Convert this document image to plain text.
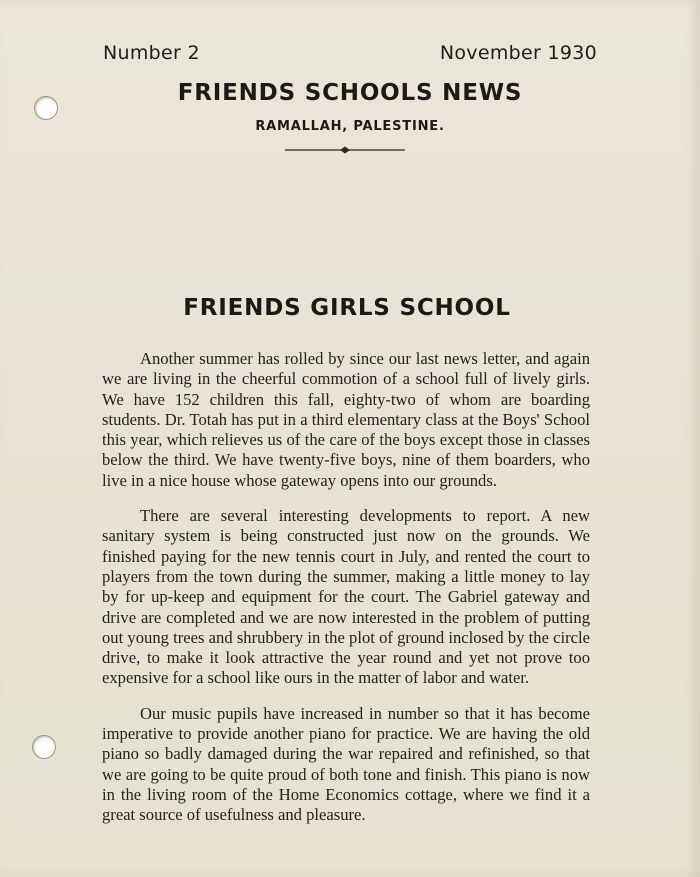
Number 2	November 1930
FRIENDS SCHOOLS NEWS
RAMALLAH, PALESTINE.
FRIENDS GIRLS SCHOOL

Another summer has rolled by since our last news letter, and again we are living in the cheerful commotion of a school full of lively girls. We have 152 children this fall, eighty-two of whom are boarding students. Dr. Totah has put in a third elementary class at the Boys' School this year, which relieves us of the care of the boys except those in classes below the third. We have twenty-five boys, nine of them boarders, who live in a nice house whose gateway opens into our grounds.

There are several interesting developments to report. A new sanitary system is being constructed just now on the grounds. We finished paying for the new tennis court in July, and rented the court to players from the town during the summer, making a little money to lay by for up-keep and equipment for the court. The Gabriel gateway and drive are completed and we are now interested in the problem of putting out young trees and shrubbery in the plot of ground inclosed by the circle drive, to make it look attractive the year round and yet not prove too expensive for a school like ours in the matter of labor and water.

Our music pupils have increased in number so that it has become imperative to provide another piano for practice. We are having the old piano so badly damaged during the war repaired and refinished, so that we are going to be quite proud of both tone and finish. This piano is now in the living room of the Home Economics cottage, where we find it a great source of usefulness and pleasure.
